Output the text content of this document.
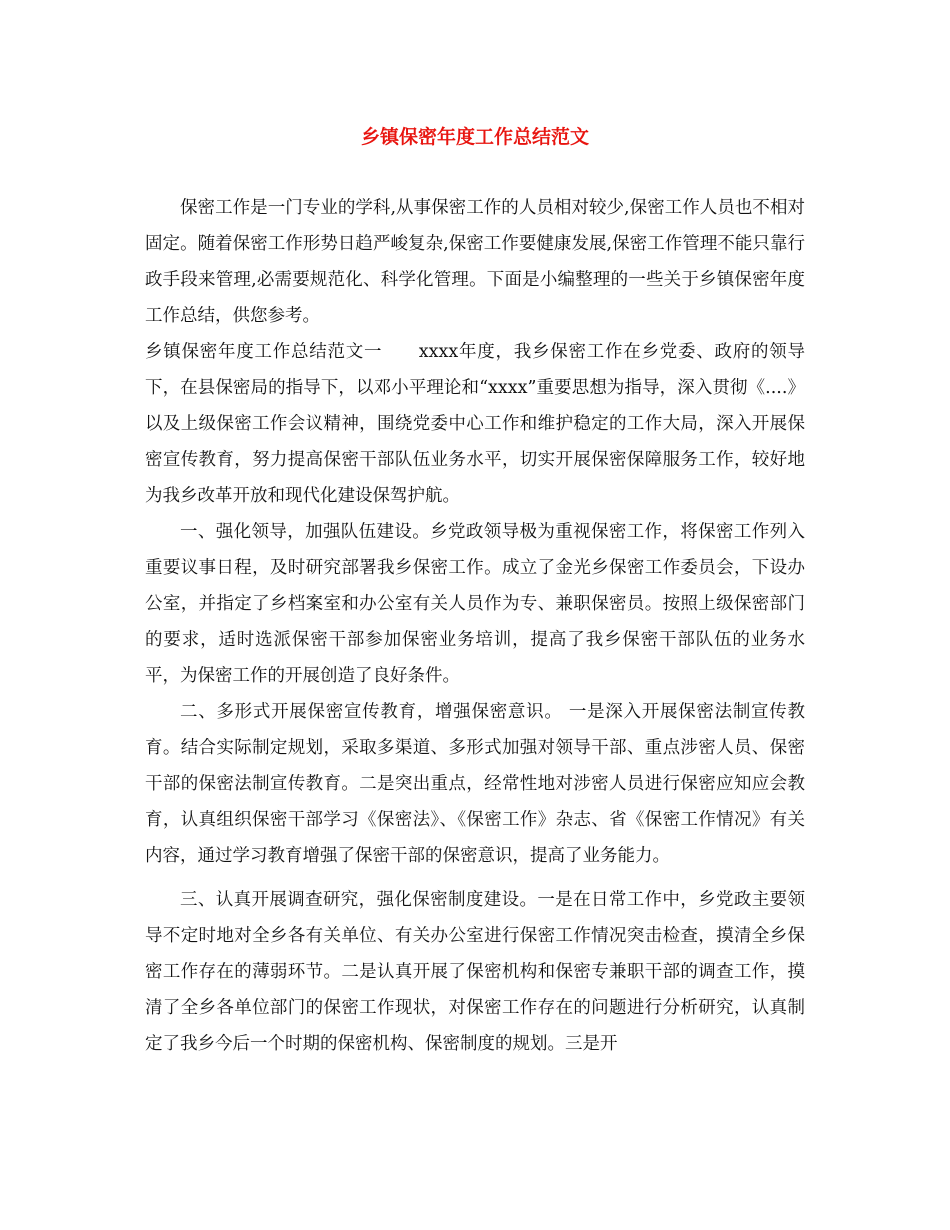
乡镇保密年度工作总结范文

保密工作是一门专业的学科,从事保密工作的人员相对较少,保密工作人员也不相对固定。随着保密工作形势日趋严峻复杂,保密工作要健康发展,保密工作管理不能只靠行政手段来管理,必需要规范化、科学化管理。下面是小编整理的一些关于乡镇保密年度工作总结，供您参考。

乡镇保密年度工作总结范文一　　xxxx年度，我乡保密工作在乡党委、政府的领导下，在县保密局的指导下，以邓小平理论和“xxxx”重要思想为指导，深入贯彻《....》以及上级保密工作会议精神，围绕党委中心工作和维护稳定的工作大局，深入开展保密宣传教育，努力提高保密干部队伍业务水平，切实开展保密保障服务工作，较好地为我乡改革开放和现代化建设保驾护航。

一、强化领导，加强队伍建设。乡党政领导极为重视保密工作，将保密工作列入重要议事日程，及时研究部署我乡保密工作。成立了金光乡保密工作委员会，下设办公室，并指定了乡档案室和办公室有关人员作为专、兼职保密员。按照上级保密部门的要求，适时选派保密干部参加保密业务培训，提高了我乡保密干部队伍的业务水平，为保密工作的开展创造了良好条件。

二、多形式开展保密宣传教育，增强保密意识。 一是深入开展保密法制宣传教育。结合实际制定规划，采取多渠道、多形式加强对领导干部、重点涉密人员、保密干部的保密法制宣传教育。二是突出重点，经常性地对涉密人员进行保密应知应会教育，认真组织保密干部学习《保密法》、《保密工作》杂志、省《保密工作情况》有关内容，通过学习教育增强了保密干部的保密意识，提高了业务能力。

三、认真开展调查研究，强化保密制度建设。一是在日常工作中，乡党政主要领导不定时地对全乡各有关单位、有关办公室进行保密工作情况突击检查，摸清全乡保密工作存在的薄弱环节。二是认真开展了保密机构和保密专兼职干部的调查工作，摸清了全乡各单位部门的保密工作现状，对保密工作存在的问题进行分析研究，认真制定了我乡今后一个时期的保密机构、保密制度的规划。三是开
